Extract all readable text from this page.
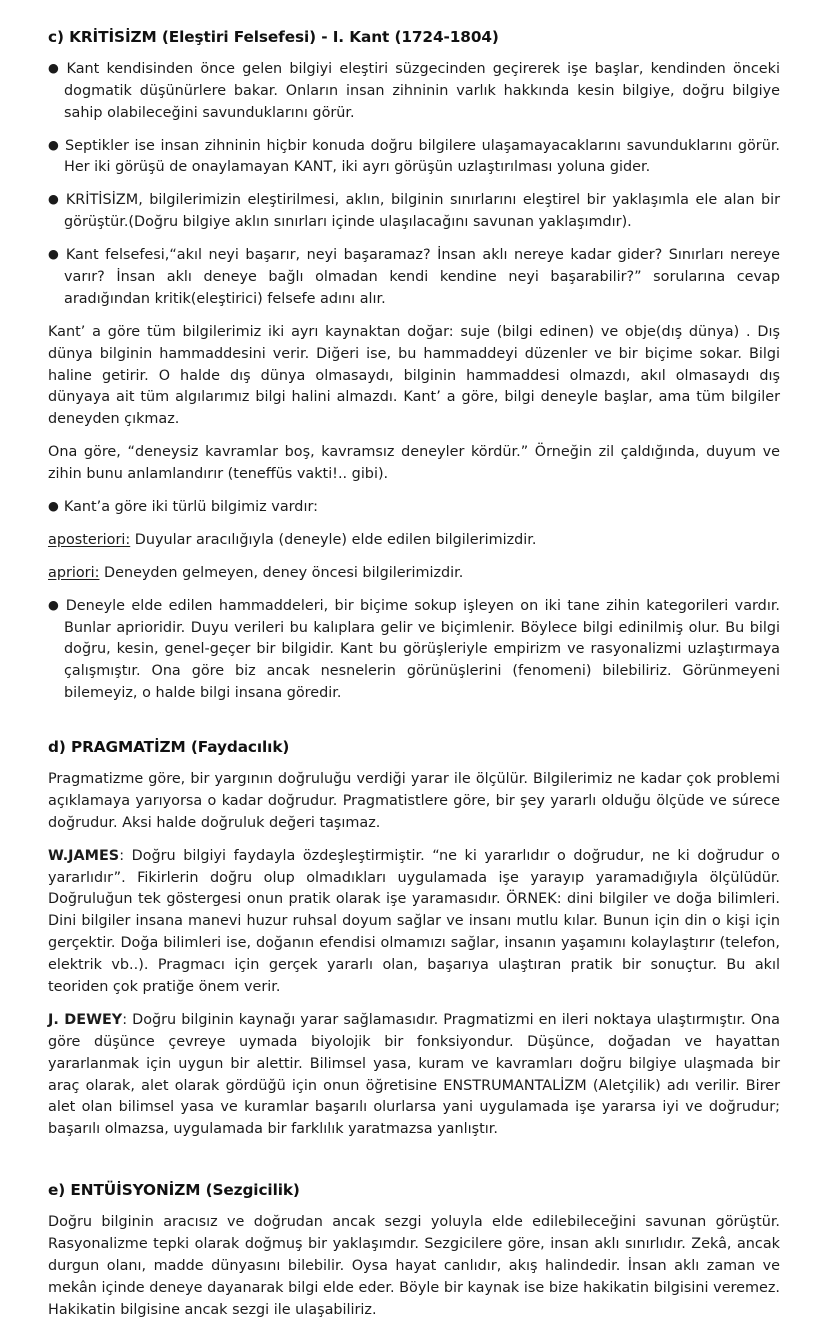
c) KRİTİSİZM (Eleştiri Felsefesi) - I. Kant (1724-1804)

● Kant kendisinden önce gelen bilgiyi eleştiri süzgecinden geçirerek işe başlar, kendinden önceki dogmatik düşünürlere bakar. Onların insan zihninin varlık hakkında kesin bilgiye, doğru bilgiye sahip olabileceğini savunduklarını görür.

● Septikler ise insan zihninin hiçbir konuda doğru bilgilere ulaşamayacaklarını savunduklarını görür. Her iki görüşü de onaylamayan KANT, iki ayrı görüşün uzlaştırılması yoluna gider.

● KRİTİSİZM, bilgilerimizin eleştirilmesi, aklın, bilginin sınırlarını eleştirel bir yaklaşımla ele alan bir görüştür.(Doğru bilgiye aklın sınırları içinde ulaşılacağını savunan yaklaşımdır).

● Kant felsefesi,“akıl neyi başarır, neyi başaramaz? İnsan aklı nereye kadar gider? Sınırları nereye varır? İnsan aklı deneye bağlı olmadan kendi kendine neyi başarabilir?” sorularına cevap aradığından kritik(eleştirici) felsefe adını alır.

Kant’ a göre tüm bilgilerimiz iki ayrı kaynaktan doğar: suje (bilgi edinen) ve obje(dış dünya) . Dış dünya bilginin hammaddesini verir. Diğeri ise, bu hammaddeyi düzenler ve bir biçime sokar. Bilgi haline getirir. O halde dış dünya olmasaydı, bilginin hammaddesi olmazdı, akıl olmasaydı dış dünyaya ait tüm algılarımız bilgi halini almazdı. Kant’ a göre, bilgi deneyle başlar, ama tüm bilgiler deneyden çıkmaz.

Ona göre, “deneysiz kavramlar boş, kavramsız deneyler kördür.” Örneğin zil çaldığında, duyum ve zihin bunu anlamlandırır (teneffüs vakti!.. gibi).

● Kant’a göre iki türlü bilgimiz vardır:

aposteriori: Duyular aracılığıyla (deneyle) elde edilen bilgilerimizdir.

apriori: Deneyden gelmeyen, deney öncesi bilgilerimizdir.

● Deneyle elde edilen hammaddeleri, bir biçime sokup işleyen on iki tane zihin kategorileri vardır. Bunlar aprioridir. Duyu verileri bu kalıplara gelir ve biçimlenir. Böylece bilgi edinilmiş olur. Bu bilgi doğru, kesin, genel-geçer bir bilgidir. Kant bu görüşleriyle empirizm ve rasyonalizmi uzlaştırmaya çalışmıştır. Ona göre biz ancak nesnelerin görünüşlerini (fenomeni) bilebiliriz. Görünmeyeni bilemeyiz, o halde bilgi insana göredir.

d) PRAGMATİZM (Faydacılık)

Pragmatizme göre, bir yargının doğruluğu verdiği yarar ile ölçülür. Bilgilerimiz ne kadar çok problemi açıklamaya yarıyorsa o kadar doğrudur. Pragmatistlere göre, bir şey yararlı olduğu ölçüde ve súrece doğrudur. Aksi halde doğruluk değeri taşımaz.

W.JAMES: Doğru bilgiyi faydayla özdeşleştirmiştir. “ne ki yararlıdır o doğrudur, ne ki doğrudur o yararlıdır”. Fikirlerin doğru olup olmadıkları uygulamada işe yarayıp yaramadığıyla ölçülüdür. Doğruluğun tek göstergesi onun pratik olarak işe yaramasıdır. ÖRNEK: dini bilgiler ve doğa bilimleri. Dini bilgiler insana manevi huzur ruhsal doyum sağlar ve insanı mutlu kılar. Bunun için din o kişi için gerçektir. Doğa bilimleri ise, doğanın efendisi olmamızı sağlar, insanın yaşamını kolaylaştırır (telefon, elektrik vb..). Pragmacı için gerçek yararlı olan, başarıya ulaştıran pratik bir sonuçtur. Bu akıl teoriden çok pratiğe önem verir.

J. DEWEY: Doğru bilginin kaynağı yarar sağlamasıdır. Pragmatizmi en ileri noktaya ulaştırmıştır. Ona göre düşünce çevreye uymada biyolojik bir fonksiyondur. Düşünce, doğadan ve hayattan yararlanmak için uygun bir alettir. Bilimsel yasa, kuram ve kavramları doğru bilgiye ulaşmada bir araç olarak, alet olarak gördüğü için onun öğretisine ENSTRUMANTALİZM (Aletçilik) adı verilir. Birer alet olan bilimsel yasa ve kuramlar başarılı olurlarsa yani uygulamada işe yararsa iyi ve doğrudur; başarılı olmazsa, uygulamada bir farklılık yaratmazsa yanlıştır.

e) ENTÜİSYONİZM (Sezgicilik)

Doğru bilginin aracısız ve doğrudan ancak sezgi yoluyla elde edilebileceğini savunan görüştür. Rasyonalizme tepki olarak doğmuş bir yaklaşımdır. Sezgicilere göre, insan aklı sınırlıdır. Zekâ, ancak durgun olanı, madde dünyasını bilebilir. Oysa hayat canlıdır, akış halindedir. İnsan aklı zaman ve mekân içinde deneye dayanarak bilgi elde eder. Böyle bir kaynak ise bize hakikatin bilgisini veremez. Hakikatin bilgisine ancak sezgi ile ulaşabiliriz.
